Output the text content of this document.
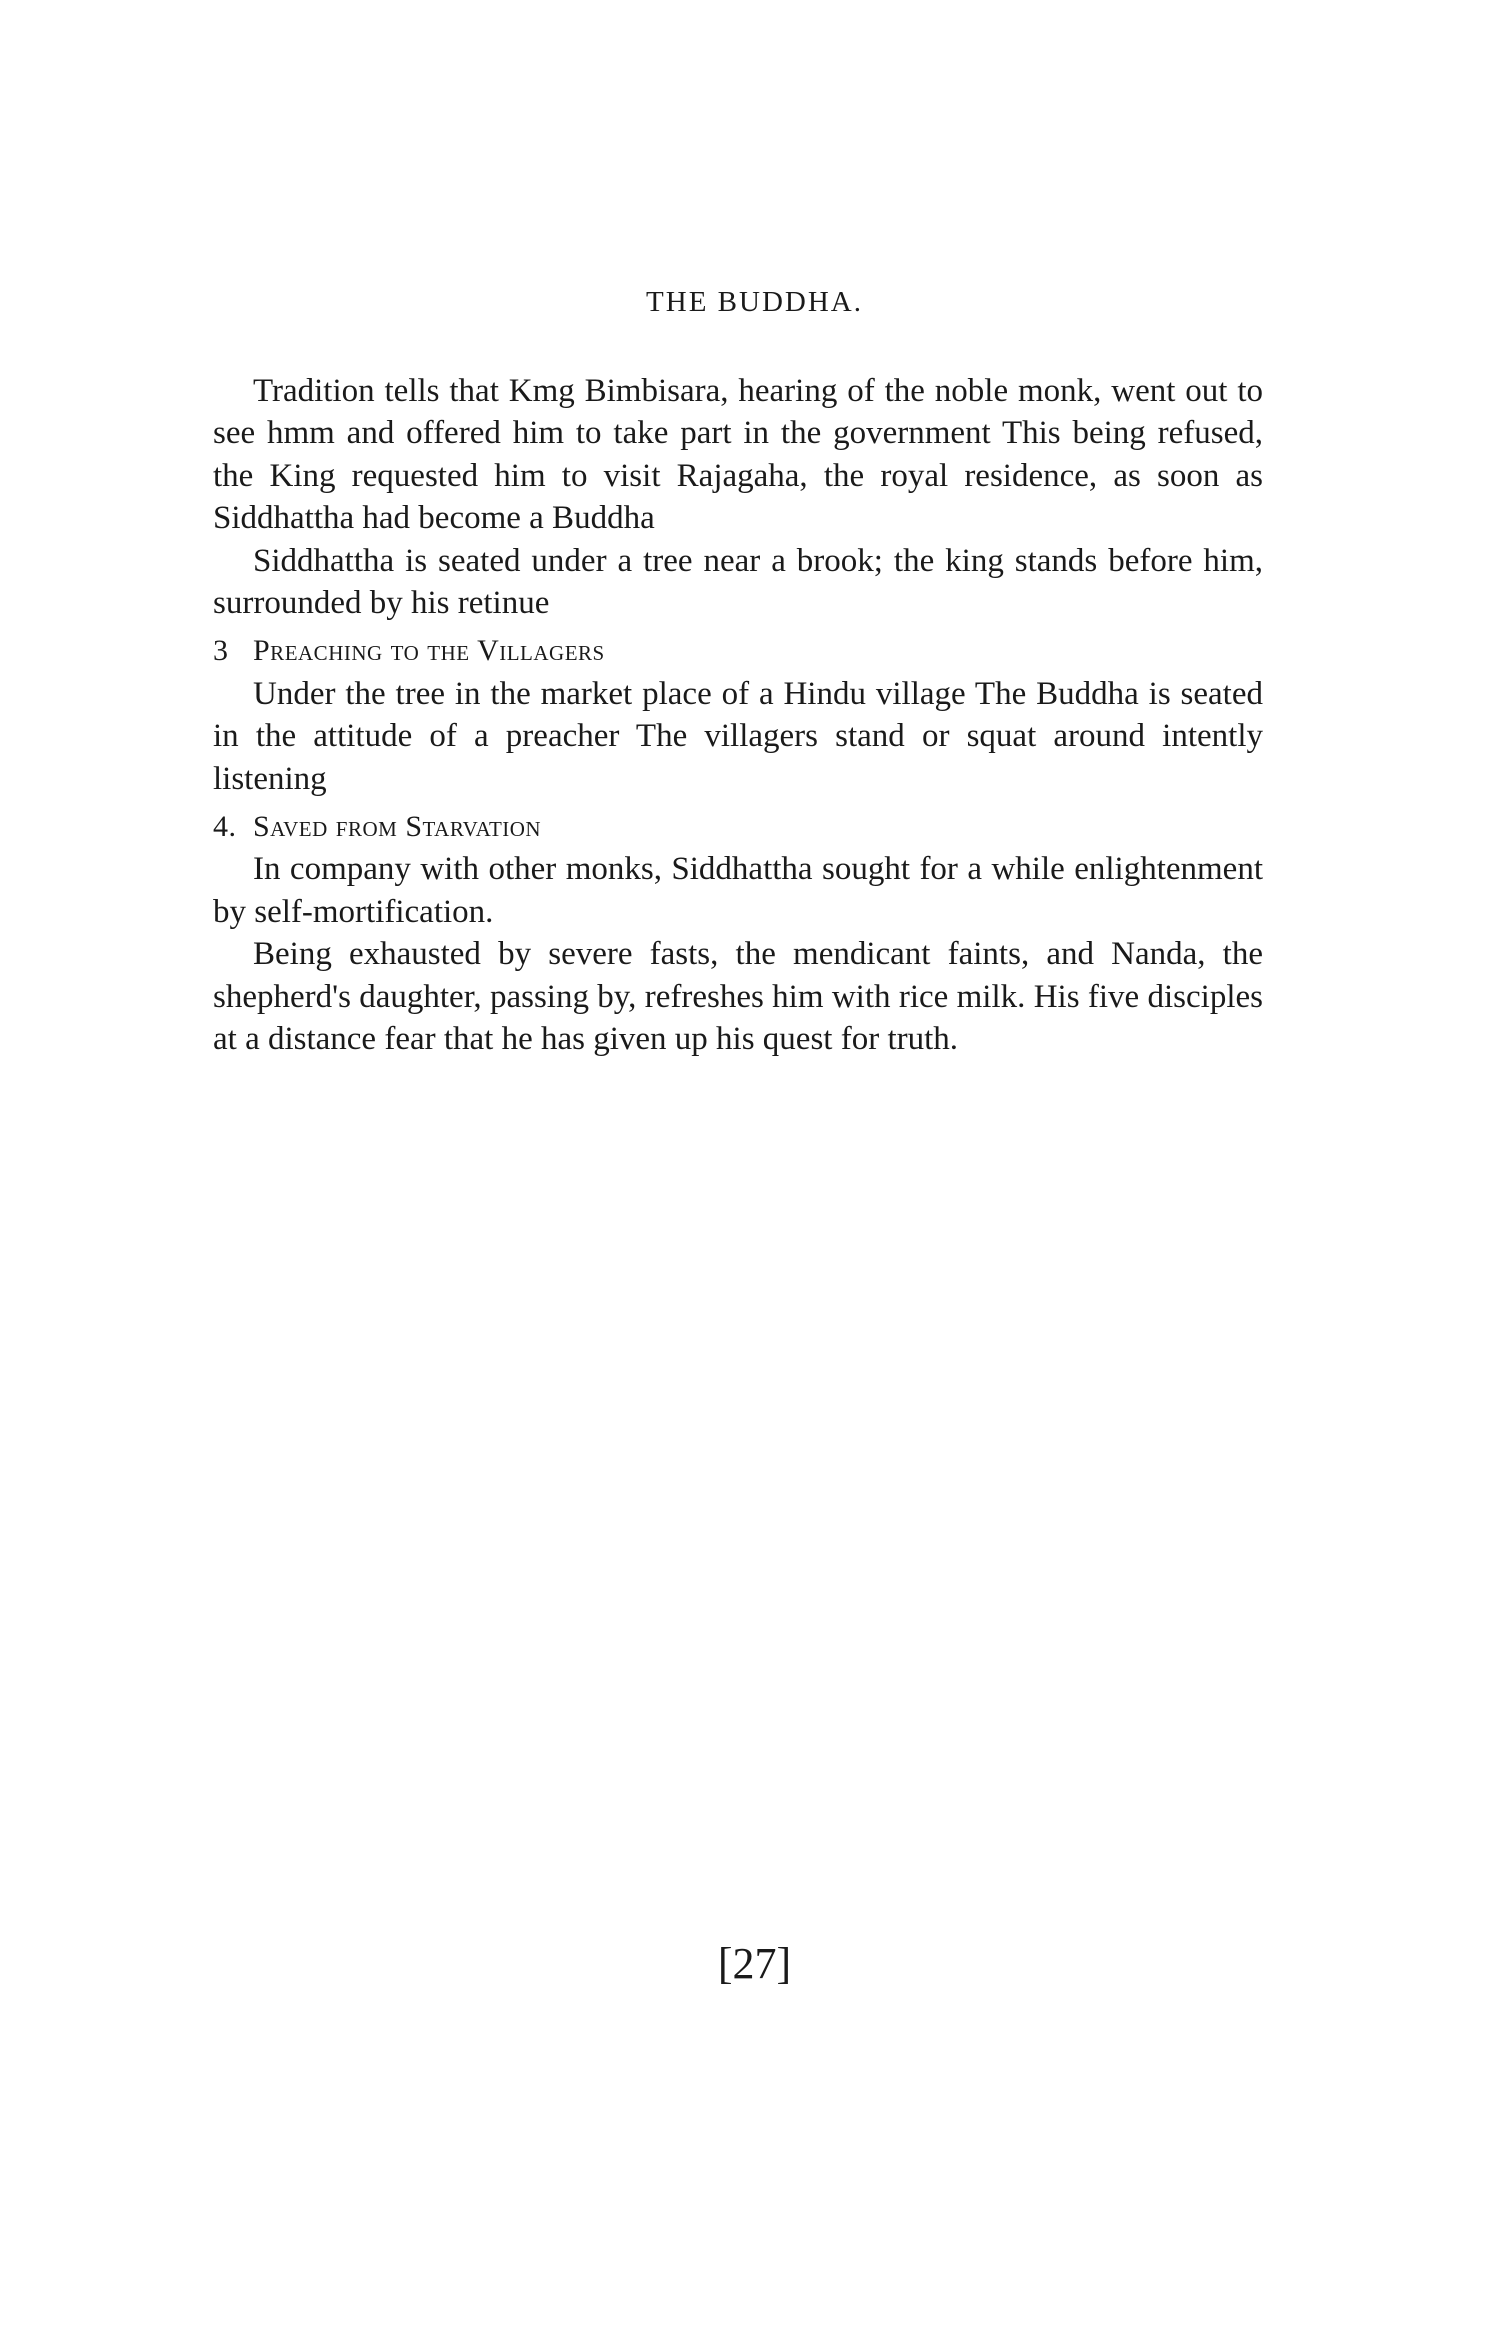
THE BUDDHA.

Tradition tells that Kmg Bimbisara, hearing of the noble monk, went out to see hmm and offered him to take part in the government This being refused, the King requested him to visit Rajagaha, the royal residence, as soon as Siddhattha had become a Buddha

Siddhattha is seated under a tree near a brook; the king stands before him, surrounded by his retinue

3 Preaching to the Villagers

Under the tree in the market place of a Hindu village The Buddha is seated in the attitude of a preacher The villagers stand or squat around intently listening

4. Saved from Starvation

In company with other monks, Siddhattha sought for a while enlightenment by self-mortification.

Being exhausted by severe fasts, the mendicant faints, and Nanda, the shepherd's daughter, passing by, refreshes him with rice milk. His five disciples at a distance fear that he has given up his quest for truth.

[27]
